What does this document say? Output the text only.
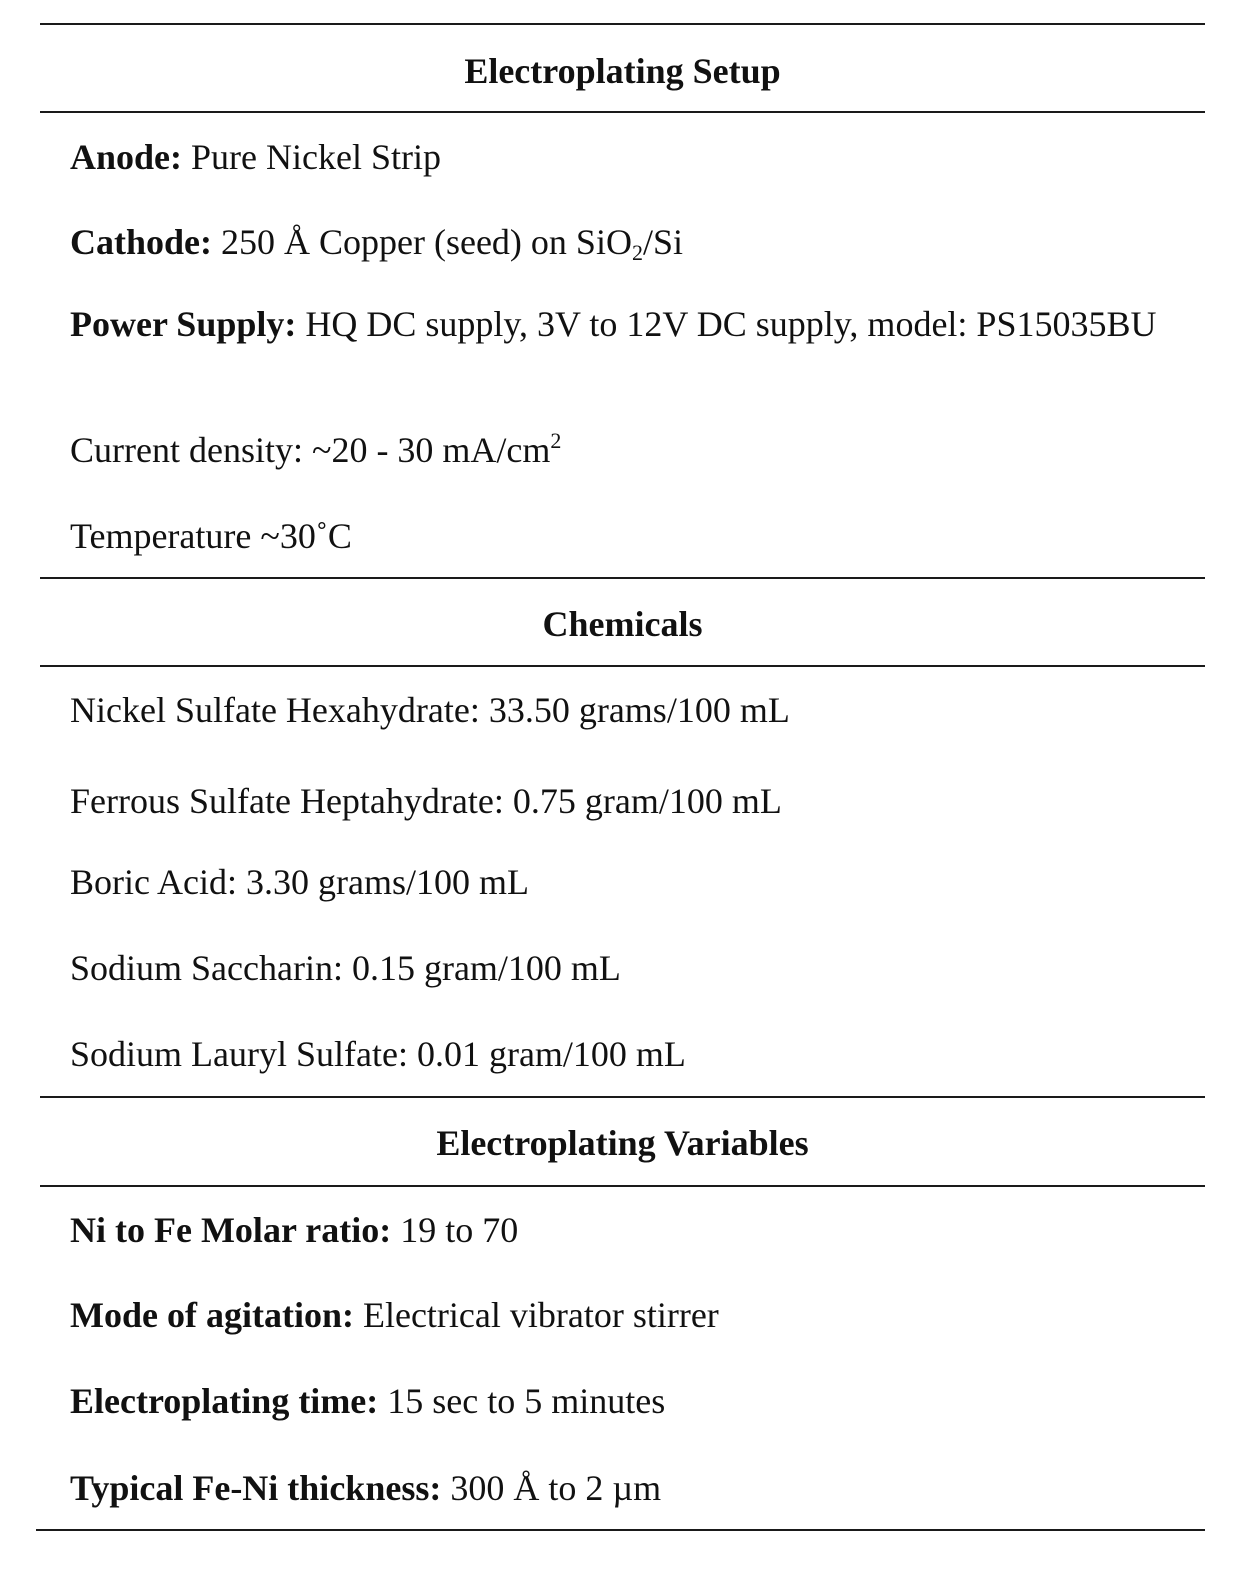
Electroplating Setup
Anode: Pure Nickel Strip
Cathode: 250 Å Copper (seed) on SiO$_2$/Si
Power Supply: HQ DC supply, 3V to 12V DC supply, model: PS15035BU
Current density: ~20 - 30 $mA/cm^2$
Temperature ~30˚C
Chemicals
Nickel Sulfate Hexahydrate: 33.50 grams/100 mL
Ferrous Sulfate Heptahydrate: 0.75 gram/100 mL
Boric Acid: 3.30 grams/100 mL
Sodium Saccharin: 0.15 gram/100 mL
Sodium Lauryl Sulfate: 0.01 gram/100 mL
Electroplating Variables
Ni to Fe Molar ratio: 19 to 70
Mode of agitation: Electrical vibrator stirrer
Electroplating time: 15 sec to 5 minutes
Typical Fe-Ni thickness: 300 Å to 2 µm
